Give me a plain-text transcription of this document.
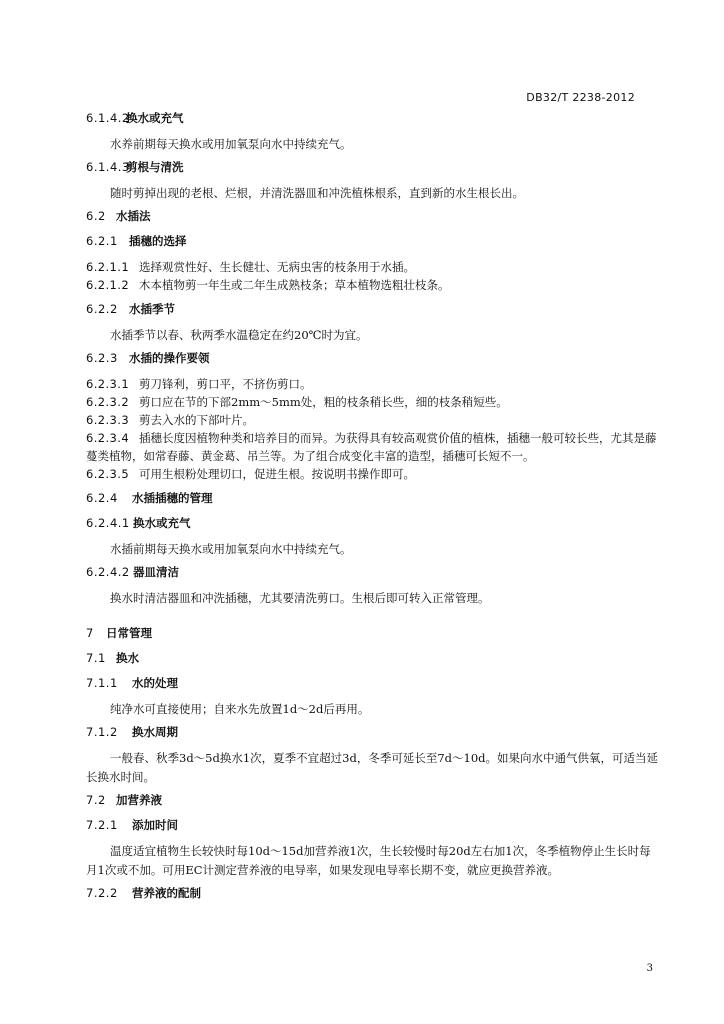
DB32/T 2238-2012
6.1.4.2换水或充气

水养前期每天换水或用加氧泵向水中持续充气。

6.1.4.3剪根与清洗

随时剪掉出现的老根、烂根，并清洗器皿和冲洗植株根系，直到新的水生根长出。

6.2 水插法
6.2.1 插穗的选择
6.2.1.1 选择观赏性好、生长健壮、无病虫害的枝条用于水插。
6.2.1.2 木本植物剪一年生或二年生成熟枝条；草本植物选粗壮枝条。
6.2.2 水插季节

水插季节以春、秋两季水温稳定在约20℃时为宜。

6.2.3 水插的操作要领
6.2.3.1 剪刀锋利，剪口平，不挤伤剪口。
6.2.3.2 剪口应在节的下部2mm～5mm处，粗的枝条稍长些，细的枝条稍短些。
6.2.3.3 剪去入水的下部叶片。
6.2.3.4 插穗长度因植物种类和培养目的而异。为获得具有较高观赏价值的植株，插穗一般可较长些，尤其是藤蔓类植物，如常春藤、黄金葛、吊兰等。为了组合成变化丰富的造型，插穗可长短不一。
6.2.3.5 可用生根粉处理切口，促进生根。按说明书操作即可。
6.2.4 水插插穗的管理
6.2.4.1 换水或充气

水插前期每天换水或用加氧泵向水中持续充气。

6.2.4.2 器皿清洁

换水时清洁器皿和冲洗插穗，尤其要清洗剪口。生根后即可转入正常管理。

7 日常管理
7.1 换水
7.1.1 水的处理

纯净水可直接使用；自来水先放置1d～2d后再用。

7.1.2 换水周期

一般春、秋季3d～5d换水1次，夏季不宜超过3d，冬季可延长至7d～10d。如果向水中通气供氧，可适当延长换水时间。

7.2 加营养液
7.2.1 添加时间

温度适宜植物生长较快时每10d～15d加营养液1次，生长较慢时每20d左右加1次，冬季植物停止生长时每月1次或不加。可用EC计测定营养液的电导率，如果发现电导率长期不变，就应更换营养液。

7.2.2 营养液的配制
3
